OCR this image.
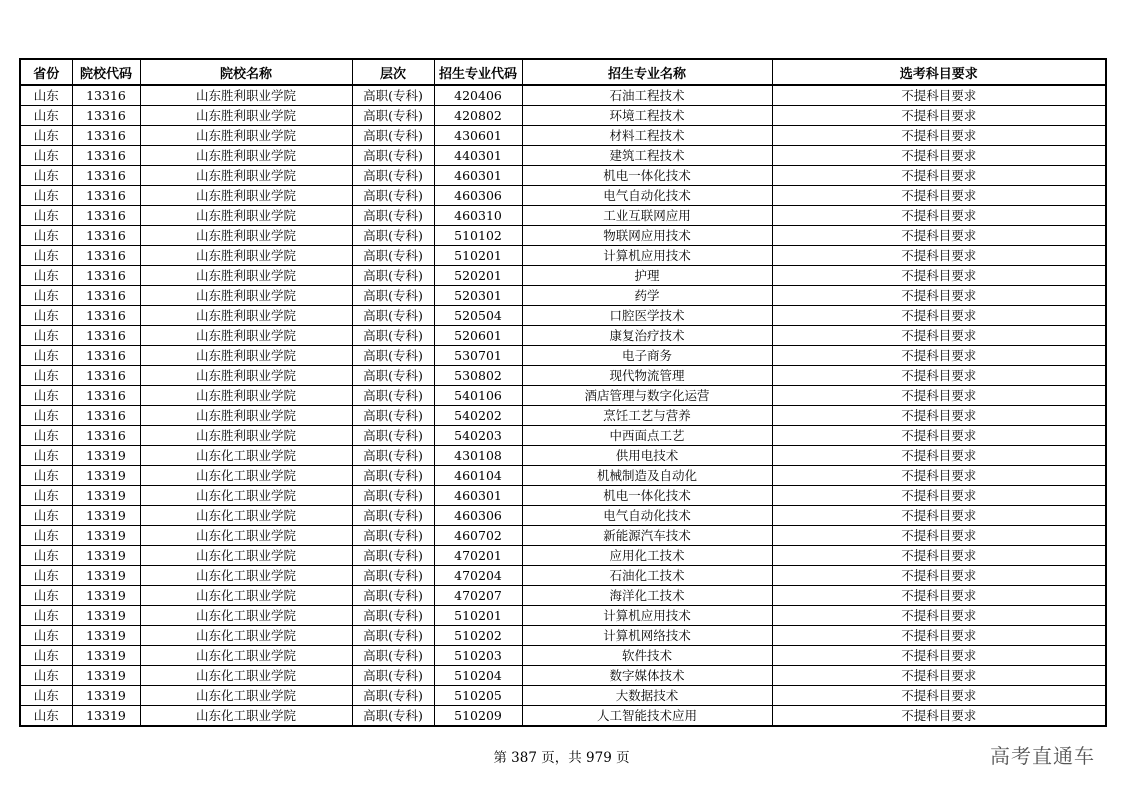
省份	院校代码	院校名称	层次	招生专业代码	招生专业名称	选考科目要求
山东	13316	山东胜利职业学院	高职(专科)	420406	石油工程技术	不提科目要求
山东	13316	山东胜利职业学院	高职(专科)	420802	环境工程技术	不提科目要求
山东	13316	山东胜利职业学院	高职(专科)	430601	材料工程技术	不提科目要求
山东	13316	山东胜利职业学院	高职(专科)	440301	建筑工程技术	不提科目要求
山东	13316	山东胜利职业学院	高职(专科)	460301	机电一体化技术	不提科目要求
山东	13316	山东胜利职业学院	高职(专科)	460306	电气自动化技术	不提科目要求
山东	13316	山东胜利职业学院	高职(专科)	460310	工业互联网应用	不提科目要求
山东	13316	山东胜利职业学院	高职(专科)	510102	物联网应用技术	不提科目要求
山东	13316	山东胜利职业学院	高职(专科)	510201	计算机应用技术	不提科目要求
山东	13316	山东胜利职业学院	高职(专科)	520201	护理	不提科目要求
山东	13316	山东胜利职业学院	高职(专科)	520301	药学	不提科目要求
山东	13316	山东胜利职业学院	高职(专科)	520504	口腔医学技术	不提科目要求
山东	13316	山东胜利职业学院	高职(专科)	520601	康复治疗技术	不提科目要求
山东	13316	山东胜利职业学院	高职(专科)	530701	电子商务	不提科目要求
山东	13316	山东胜利职业学院	高职(专科)	530802	现代物流管理	不提科目要求
山东	13316	山东胜利职业学院	高职(专科)	540106	酒店管理与数字化运营	不提科目要求
山东	13316	山东胜利职业学院	高职(专科)	540202	烹饪工艺与营养	不提科目要求
山东	13316	山东胜利职业学院	高职(专科)	540203	中西面点工艺	不提科目要求
山东	13319	山东化工职业学院	高职(专科)	430108	供用电技术	不提科目要求
山东	13319	山东化工职业学院	高职(专科)	460104	机械制造及自动化	不提科目要求
山东	13319	山东化工职业学院	高职(专科)	460301	机电一体化技术	不提科目要求
山东	13319	山东化工职业学院	高职(专科)	460306	电气自动化技术	不提科目要求
山东	13319	山东化工职业学院	高职(专科)	460702	新能源汽车技术	不提科目要求
山东	13319	山东化工职业学院	高职(专科)	470201	应用化工技术	不提科目要求
山东	13319	山东化工职业学院	高职(专科)	470204	石油化工技术	不提科目要求
山东	13319	山东化工职业学院	高职(专科)	470207	海洋化工技术	不提科目要求
山东	13319	山东化工职业学院	高职(专科)	510201	计算机应用技术	不提科目要求
山东	13319	山东化工职业学院	高职(专科)	510202	计算机网络技术	不提科目要求
山东	13319	山东化工职业学院	高职(专科)	510203	软件技术	不提科目要求
山东	13319	山东化工职业学院	高职(专科)	510204	数字媒体技术	不提科目要求
山东	13319	山东化工职业学院	高职(专科)	510205	大数据技术	不提科目要求
山东	13319	山东化工职业学院	高职(专科)	510209	人工智能技术应用	不提科目要求
第 387 页，共 979 页	高考直通车
